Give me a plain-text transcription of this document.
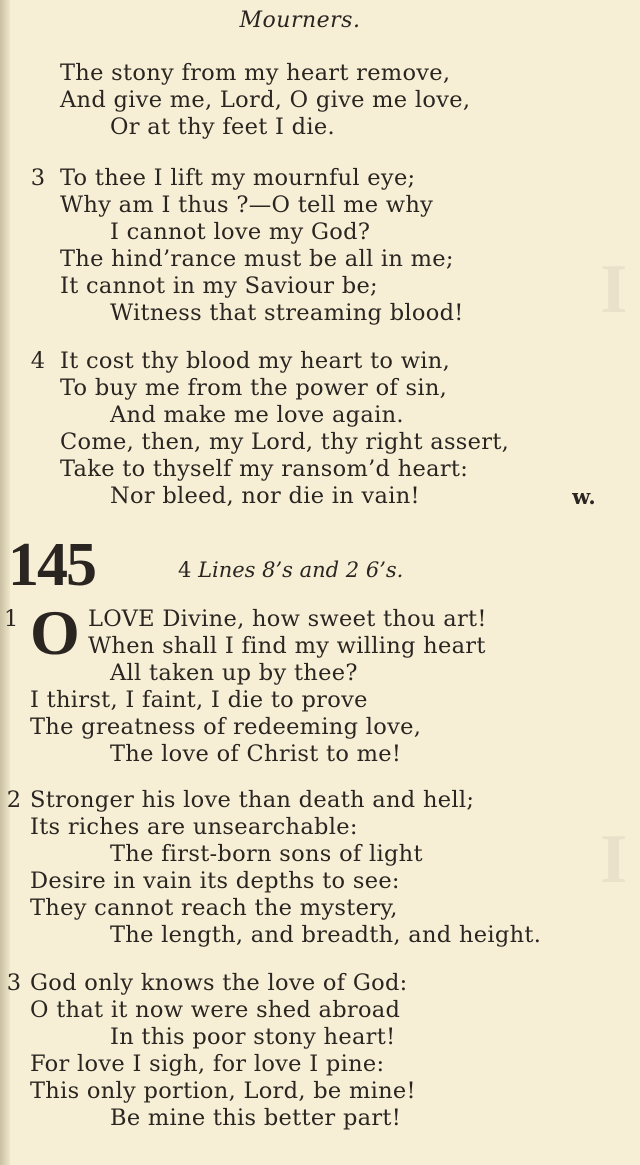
I
I
Mourners.
The stony from my heart remove,
And give me, Lord, O give me love,
Or at thy feet I die.
3 To thee I lift my mournful eye;
Why am I thus ?—O tell me why
I cannot love my God?
The hind’rance must be all in me;
It cannot in my Saviour be;
Witness that streaming blood!
4 It cost thy blood my heart to win,
To buy me from the power of sin,
And make me love again.
Come, then, my Lord, thy right assert,
Take to thyself my ransom’d heart:
Nor bleed, nor die in vain!	w.
145	4 Lines 8’s and 2 6’s.
1 O LOVE Divine, how sweet thou art!
When shall I find my willing heart
All taken up by thee?
I thirst, I faint, I die to prove
The greatness of redeeming love,
The love of Christ to me!
2 Stronger his love than death and hell;
Its riches are unsearchable:
The first-born sons of light
Desire in vain its depths to see:
They cannot reach the mystery,
The length, and breadth, and height.
3 God only knows the love of God:
O that it now were shed abroad
In this poor stony heart!
For love I sigh, for love I pine:
This only portion, Lord, be mine!
Be mine this better part!
